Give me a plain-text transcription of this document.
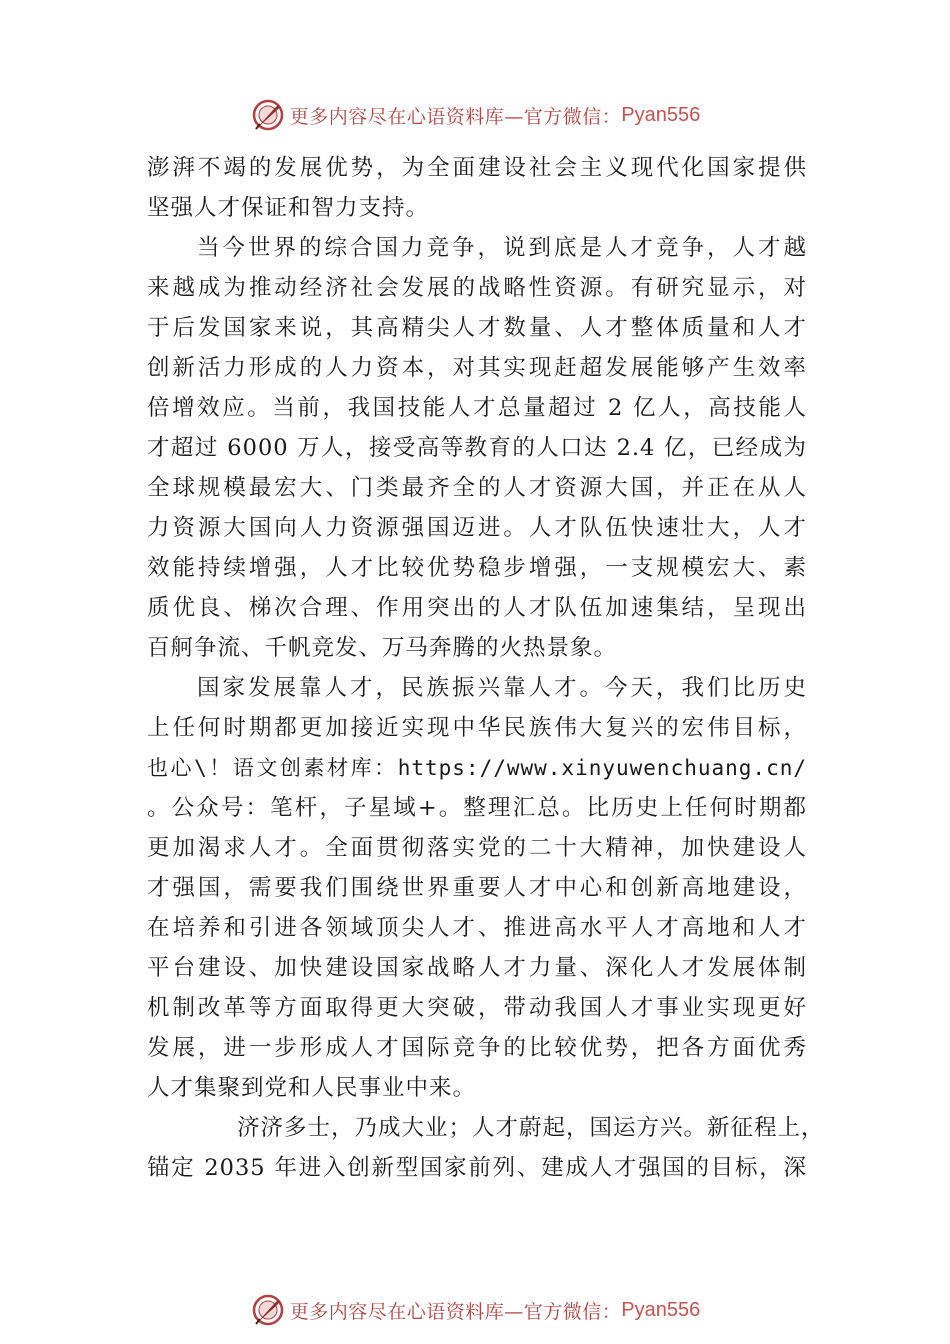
更多内容尽在心语资料库—官方微信： Pyan556
澎湃不竭的发展优势，为全面建设社会主义现代化国家提供
坚强人才保证和智力支持。
当今世界的综合国力竞争，说到底是人才竞争，人才越
来越成为推动经济社会发展的战略性资源。有研究显示，对
于后发国家来说，其高精尖人才数量、人才整体质量和人才
创新活力形成的人力资本，对其实现赶超发展能够产生效率
倍增效应。当前，我国技能人才总量超过 2 亿人，高技能人
才超过 6000 万人，接受高等教育的人口达 2.4 亿，已经成为
全球规模最宏大、门类最齐全的人才资源大国，并正在从人
力资源大国向人力资源强国迈进。人才队伍快速壮大，人才
效能持续增强，人才比较优势稳步增强，一支规模宏大、素
质优良、梯次合理、作用突出的人才队伍加速集结，呈现出
百舸争流、千帆竞发、万马奔腾的火热景象。
国家发展靠人才，民族振兴靠人才。今天，我们比历史
上任何时期都更加接近实现中华民族伟大复兴的宏伟目标，
也心\！语文创素材库：https://www.xinyuwenchuang.cn/
。公众号：笔杆，子星域+。整理汇总。比历史上任何时期都
更加渴求人才。全面贯彻落实党的二十大精神，加快建设人
才强国，需要我们围绕世界重要人才中心和创新高地建设，
在培养和引进各领域顶尖人才、推进高水平人才高地和人才
平台建设、加快建设国家战略人才力量、深化人才发展体制
机制改革等方面取得更大突破，带动我国人才事业实现更好
发展，进一步形成人才国际竞争的比较优势，把各方面优秀
人才集聚到党和人民事业中来。
济济多士，乃成大业；人才蔚起，国运方兴。新征程上，
锚定 2035 年进入创新型国家前列、建成人才强国的目标，深
更多内容尽在心语资料库—官方微信： Pyan556
